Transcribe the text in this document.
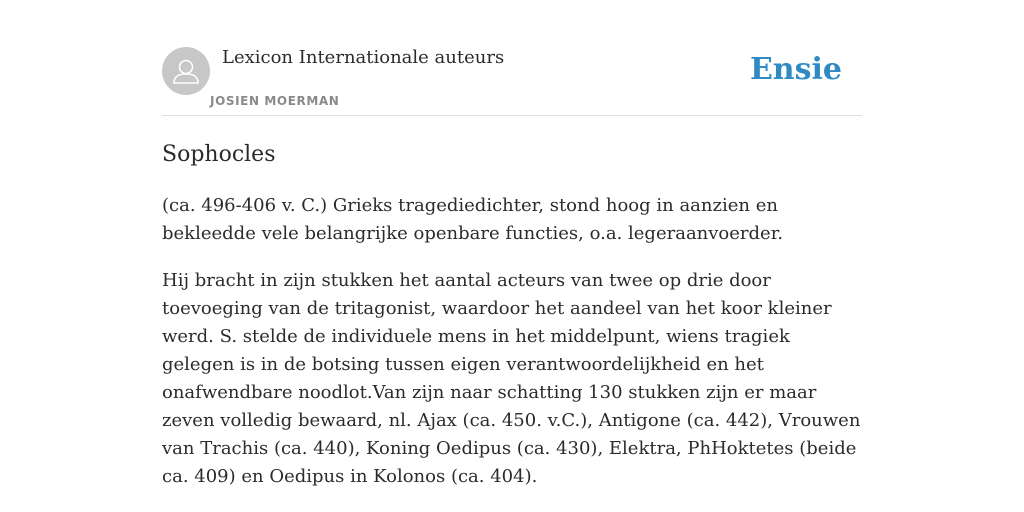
Lexicon Internationale auteurs
JOSIEN MOERMAN
Ensie
Sophocles

(ca. 496-406 v. C.) Grieks tragediedichter, stond hoog in aanzien en bekleedde vele belangrijke openbare functies, o.a. legeraanvoerder.

Hij bracht in zijn stukken het aantal acteurs van twee op drie door toevoeging van de tritagonist, waardoor het aandeel van het koor kleiner werd. S. stelde de individuele mens in het middelpunt, wiens tragiek gelegen is in de botsing tussen eigen verantwoordelijkheid en het onafwendbare noodlot.Van zijn naar schatting 130 stukken zijn er maar zeven volledig bewaard, nl. Ajax (ca. 450. v.C.), Antigone (ca. 442), Vrouwen van Trachis (ca. 440), Koning Oedipus (ca. 430), Elektra, PhHoktetes (beide ca. 409) en Oedipus in Kolonos (ca. 404).
